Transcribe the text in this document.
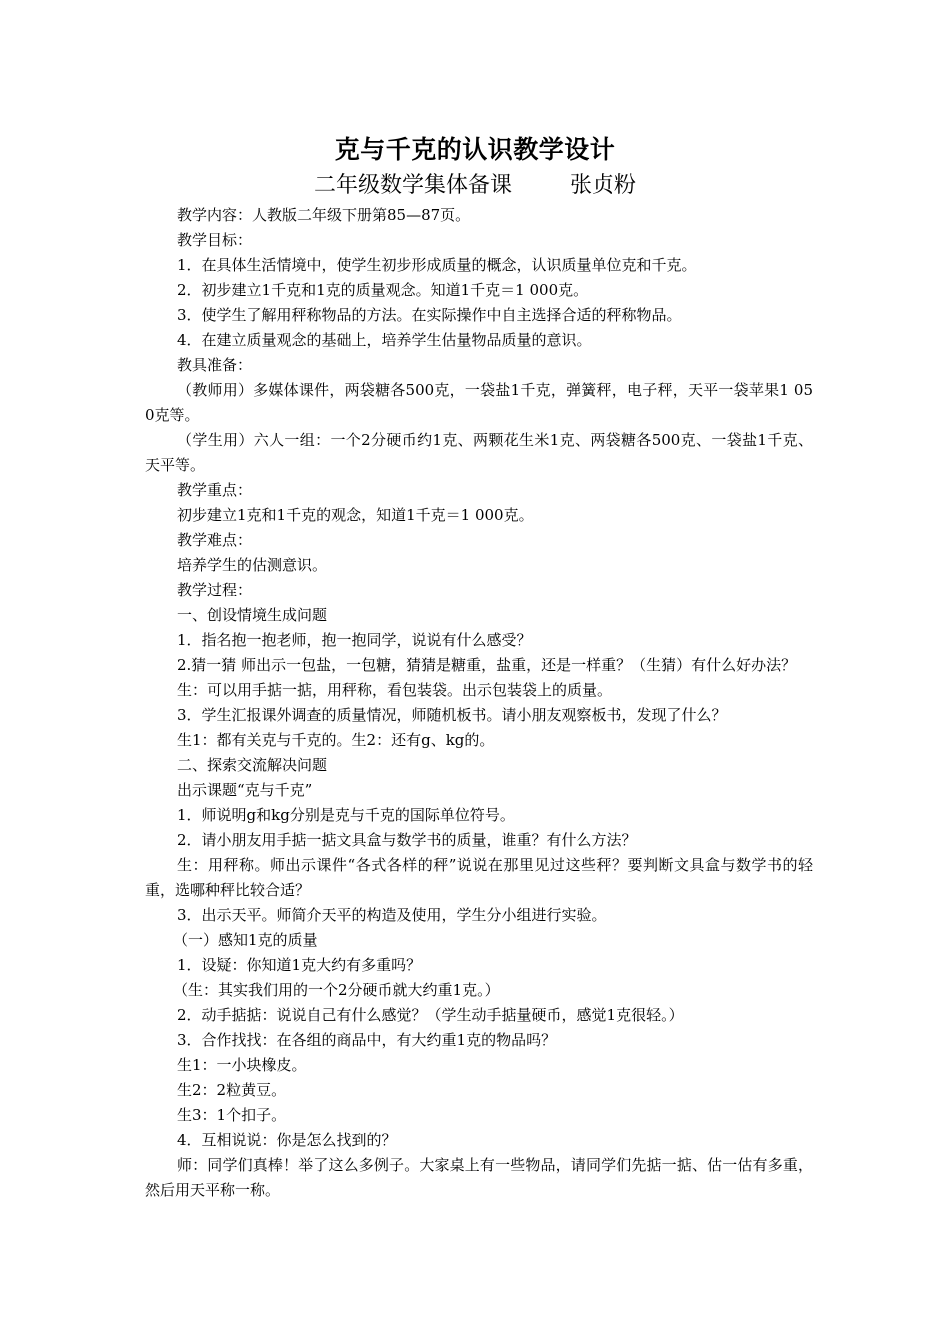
克与千克的认识教学设计
二年级数学集体备课	张贞粉

教学内容：人教版二年级下册第85—87页。

教学目标：

1．在具体生活情境中，使学生初步形成质量的概念，认识质量单位克和千克。

2．初步建立1千克和1克的质量观念。知道1千克＝1 000克。

3．使学生了解用秤称物品的方法。在实际操作中自主选择合适的秤称物品。

4．在建立质量观念的基础上，培养学生估量物品质量的意识。

教具准备：

（教师用）多媒体课件，两袋糖各500克，一袋盐1千克，弹簧秤，电子秤，天平一袋苹果1 050克等。

（学生用）六人一组：一个2分硬币约1克、两颗花生米1克、两袋糖各500克、一袋盐1千克、天平等。

教学重点：

初步建立1克和1千克的观念，知道1千克＝1 000克。

教学难点：

培养学生的估测意识。

教学过程：

一、创设情境生成问题

1．指名抱一抱老师，抱一抱同学，说说有什么感受？

2.猜一猜 师出示一包盐，一包糖，猜猜是糖重，盐重，还是一样重？（生猜）有什么好办法？

生：可以用手掂一掂，用秤称，看包装袋。出示包装袋上的质量。

3．学生汇报课外调查的质量情况，师随机板书。请小朋友观察板书，发现了什么？

生1：都有关克与千克的。生2：还有g、kg的。

二、探索交流解决问题

出示课题“克与千克”

1．师说明g和kg分别是克与千克的国际单位符号。

2．请小朋友用手掂一掂文具盒与数学书的质量，谁重？有什么方法？

生：用秤称。师出示课件“各式各样的秤”说说在那里见过这些秤？要判断文具盒与数学书的轻重，选哪种秤比较合适？

3．出示天平。师简介天平的构造及使用，学生分小组进行实验。

（一）感知1克的质量

1．设疑：你知道1克大约有多重吗？

（生：其实我们用的一个2分硬币就大约重1克。）

2．动手掂掂：说说自己有什么感觉？（学生动手掂量硬币，感觉1克很轻。）

3．合作找找：在各组的商品中，有大约重1克的物品吗？

生1：一小块橡皮。

生2：2粒黄豆。

生3：1个扣子。

4．互相说说：你是怎么找到的？

师：同学们真棒！举了这么多例子。大家桌上有一些物品，请同学们先掂一掂、估一估有多重，然后用天平称一称。
